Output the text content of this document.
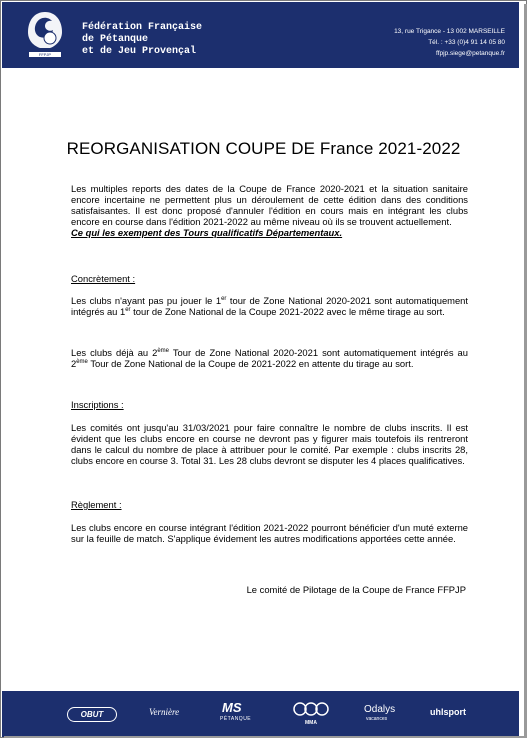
FFPJP
Fédération Française
de Pétanque
et de Jeu Provençal
13, rue Trigance - 13 002 MARSEILLE
Tél. : +33 (0)4 91 14 05 80
ffpjp.siege@petanque.fr
REORGANISATION COUPE DE France 2021-2022
Les multiples reports des dates de la Coupe de France 2020-2021 et la situation sanitaire encore incertaine ne permettent plus un déroulement de cette édition dans des conditions satisfaisantes. Il est donc proposé d'annuler l'édition en cours mais en intégrant les clubs encore en course dans l'édition 2021-2022 au même niveau où ils se trouvent actuellement.
Ce qui les exempent des Tours qualificatifs Départementaux.
Concrètement :
Les clubs n'ayant pas pu jouer le 1er tour de Zone National 2020-2021 sont automatiquement intégrés au 1er tour de Zone National de la Coupe 2021-2022 avec le même tirage au sort.
Les clubs déjà au 2ème Tour de Zone National 2020-2021 sont automatiquement intégrés au 2ème Tour de Zone National de la Coupe de 2021-2022 en attente du tirage au sort.
Inscriptions :
Les comités ont jusqu'au 31/03/2021 pour faire connaître le nombre de clubs inscrits. Il est évident que les clubs encore en course ne devront pas y figurer mais toutefois ils rentreront dans le calcul du nombre de place à attribuer pour le comité. Par exemple : clubs inscrits 28, clubs encore en course 3. Total 31. Les 28 clubs devront se disputer les 4 places qualificatives.
Règlement :
Les clubs encore en course intégrant l'édition 2021-2022 pourront bénéficier d'un muté externe sur la feuille de match. S'applique évidement les autres modifications apportées cette année.
Le comité de Pilotage de la Coupe de France FFPJP
OBUT	Vernière	MS
PÉTANQUE
MMA
Odalys
vacances
uhlsport
